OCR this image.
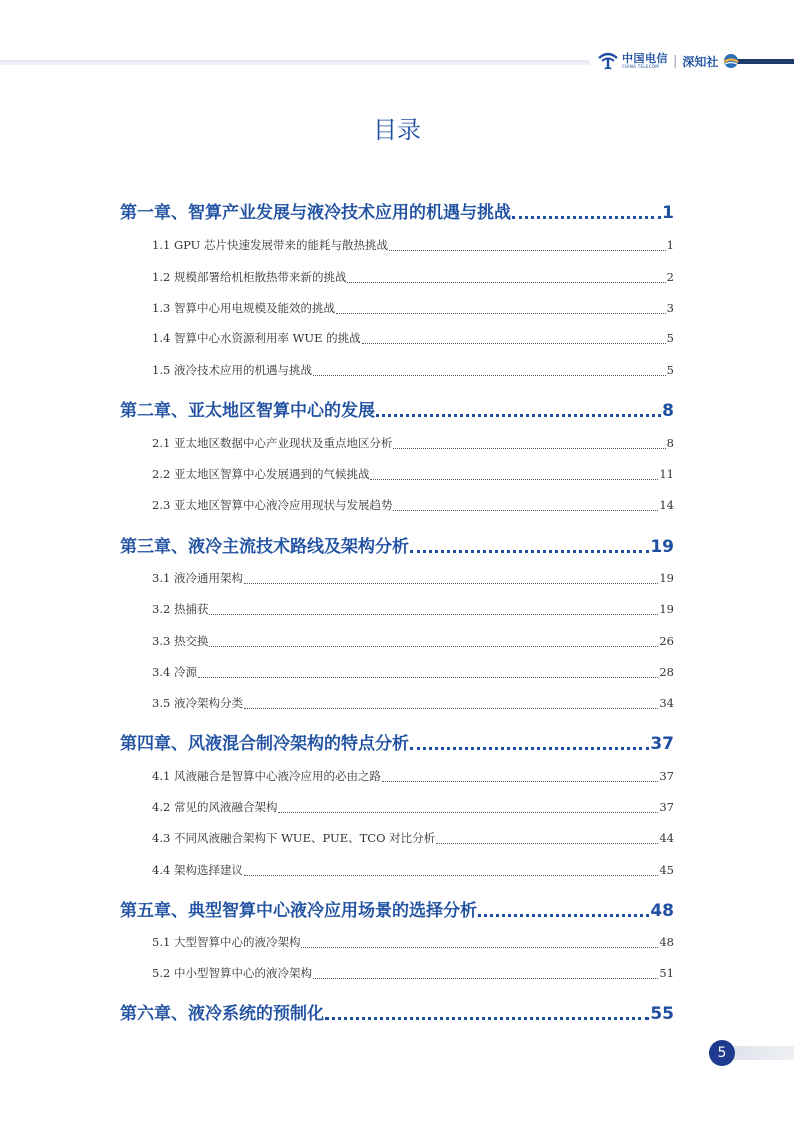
中国电信
CHINA TELECOM	| 深知社
目录
第一章、智算产业发展与液冷技术应用的机遇与挑战	1
1.1 GPU 芯片快速发展带来的能耗与散热挑战	1
1.2 规模部署给机柜散热带来新的挑战	2
1.3 智算中心用电规模及能效的挑战	3
1.4 智算中心水资源利用率 WUE 的挑战	5
1.5 液冷技术应用的机遇与挑战	5
第二章、亚太地区智算中心的发展	8
2.1 亚太地区数据中心产业现状及重点地区分析	8
2.2 亚太地区智算中心发展遇到的气候挑战	11
2.3 亚太地区智算中心液冷应用现状与发展趋势	14
第三章、液冷主流技术路线及架构分析	19
3.1 液冷通用架构	19
3.2 热捕获	19
3.3 热交换	26
3.4 冷源	28
3.5 液冷架构分类	34
第四章、风液混合制冷架构的特点分析	37
4.1 风液融合是智算中心液冷应用的必由之路	37
4.2 常见的风液融合架构	37
4.3 不同风液融合架构下 WUE、PUE、TCO 对比分析	44
4.4 架构选择建议	45
第五章、典型智算中心液冷应用场景的选择分析	48
5.1 大型智算中心的液冷架构	48
5.2 中小型智算中心的液冷架构	51
第六章、液冷系统的预制化	55
5
